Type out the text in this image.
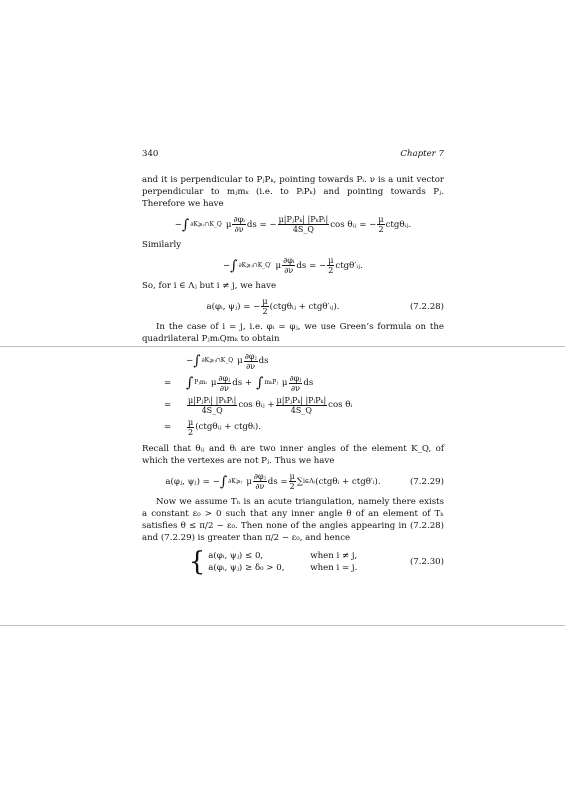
340	Chapter 7

and it is perpendicular to PⱼPₖ, pointing towards Pᵢ. ν is a unit vector perpendicular to mⱼmₖ (i.e. to PᵢPₖ) and pointing towards Pⱼ. Therefore we have

− ∫ ∂K⩾ⱼ∩K_Q μ $\frac{\text{∂φᵢ}}{\partial\nu}$ ds = − $\frac{\text{μ|PⱼPₖ| |PₖPᵢ|}}{4S\_Q}$ cos θᵢⱼ = − $\frac{\mu}{2}$ ctgθᵢⱼ.

Similarly

− ∫ ∂K⩾ⱼ∩K_Q′ μ $\frac{\text{∂φᵢ}}{\partial\nu}$ ds = − $\frac{\mu}{2}$ ctgθ′ᵢⱼ.

So, for i ∈ Λⱼ but i ≠ j, we have

a(φᵢ, ψⱼ) = − $\frac{\mu}{2}$ (ctgθᵢⱼ + ctgθ′ᵢⱼ).	(7.2.28)

In the case of i = j, i.e. φᵢ = φⱼ, we use Green’s formula on the quadrilateral PⱼmᵢQmₖ to obtain

− ∫ ∂K⩾ⱼ∩K_Q μ $\frac{\text{∂φⱼ}}{\partial\nu}$ ds
=	∫ Pⱼmᵢ μ $\frac{\text{∂φⱼ}}{\partial\nu}$ ds + ∫ mₖPⱼ μ $\frac{\text{∂φⱼ}}{\partial\nu}$ ds
=	$\frac{\text{μ|PⱼPᵢ| |PₖPᵢ|}}{4S\_Q}$ cos θᵢⱼ + $\frac{\text{μ|PⱼPₖ| |PᵢPₖ|}}{4S\_Q}$ cos θᵢ
=	$\frac{\mu}{2}$ (ctgθᵢⱼ + ctgθᵢ).

Recall that θᵢⱼ and θᵢ are two inner angles of the element K_Q, of which the vertexes are not Pⱼ. Thus we have

a(φⱼ, ψⱼ) = − ∫ ∂K⩾ⱼ μ $\frac{\text{∂φⱼ}}{\partial\nu}$ ds = $\frac{\mu}{2}$ ∑ i∈Λⱼ (ctgθᵢ + ctgθ′ᵢ).	(7.2.29)

Now we assume Tₕ is an acute triangulation, namely there exists a constant ε₀ > 0 such that any inner angle θ of an element of Tₕ satisfies θ ≤ π/2 − ε₀. Then none of the angles appearing in (7.2.28) and (7.2.29) is greater than π/2 − ε₀, and hence

{ a(φᵢ, ψⱼ) ≤ 0,	when i ≠ j,
a(φᵢ, ψⱼ) ≥ δ₀ > 0,	when i = j.
(7.2.30)
